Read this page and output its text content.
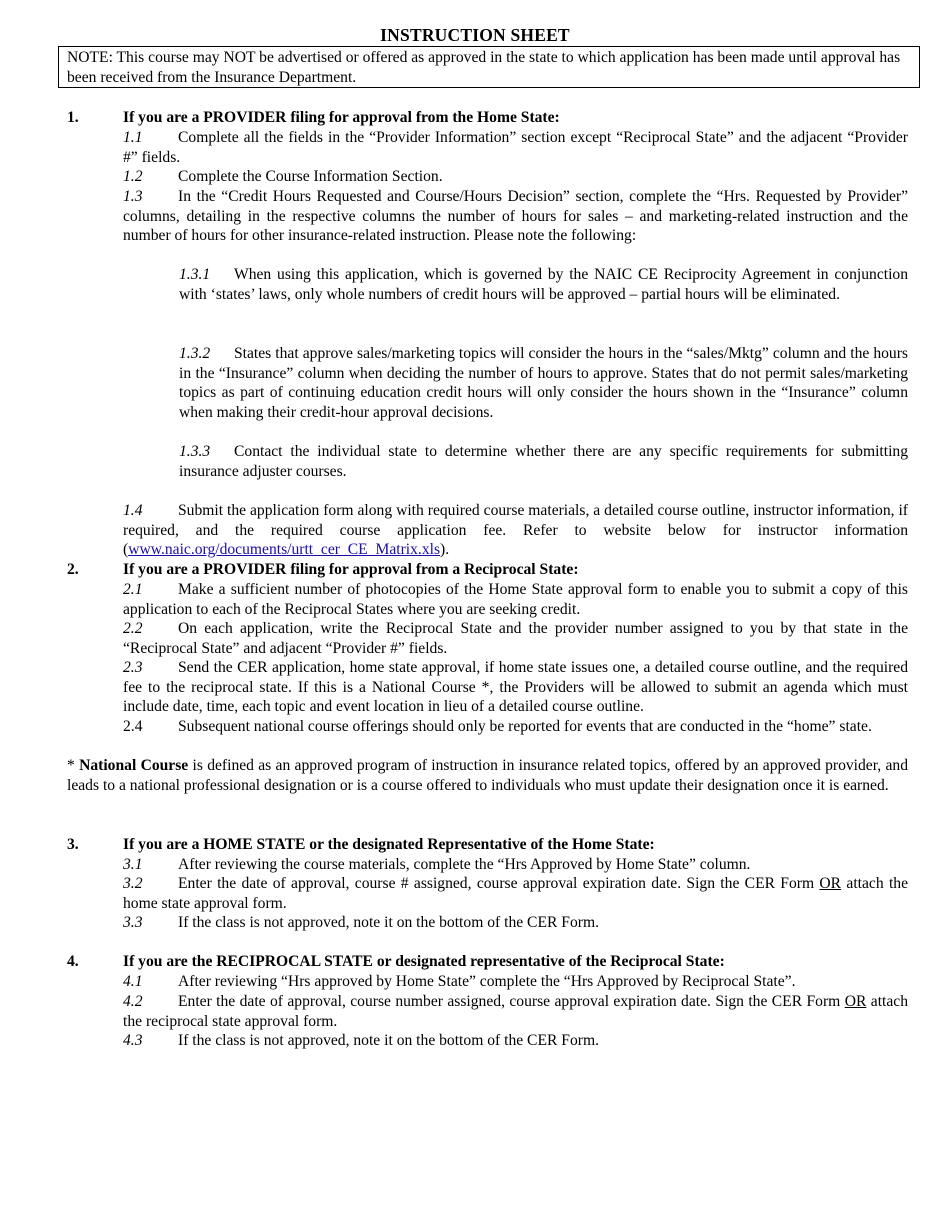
INSTRUCTION SHEET
NOTE: This course may NOT be advertised or offered as approved in the state to which application has been made until approval has been received from the Insurance Department.
1.	If you are a PROVIDER filing for approval from the Home State:
1.1 Complete all the fields in the “Provider Information” section except “Reciprocal State” and the adjacent “Provider #” fields.
1.2 Complete the Course Information Section.
1.3 In the “Credit Hours Requested and Course/Hours Decision” section, complete the “Hrs. Requested by Provider” columns, detailing in the respective columns the number of hours for sales – and marketing-related instruction and the number of hours for other insurance-related instruction. Please note the following:
1.3.1 When using this application, which is governed by the NAIC CE Reciprocity Agreement in conjunction with ‘states’ laws, only whole numbers of credit hours will be approved – partial hours will be eliminated.
1.3.2 States that approve sales/marketing topics will consider the hours in the “sales/Mktg” column and the hours in the “Insurance” column when deciding the number of hours to approve. States that do not permit sales/marketing topics as part of continuing education credit hours will only consider the hours shown in the “Insurance” column when making their credit-hour approval decisions.
1.3.3 Contact the individual state to determine whether there are any specific requirements for submitting insurance adjuster courses.
1.4 Submit the application form along with required course materials, a detailed course outline, instructor information, if required, and the required course application fee. Refer to website below for instructor information (www.naic.org/documents/urtt_cer_CE_Matrix.xls).
2.	If you are a PROVIDER filing for approval from a Reciprocal State:
2.1 Make a sufficient number of photocopies of the Home State approval form to enable you to submit a copy of this application to each of the Reciprocal States where you are seeking credit.
2.2 On each application, write the Reciprocal State and the provider number assigned to you by that state in the “Reciprocal State” and adjacent “Provider #” fields.
2.3 Send the CER application, home state approval, if home state issues one, a detailed course outline, and the required fee to the reciprocal state. If this is a National Course *, the Providers will be allowed to submit an agenda which must include date, time, each topic and event location in lieu of a detailed course outline.
2.4 Subsequent national course offerings should only be reported for events that are conducted in the “home” state.
* National Course is defined as an approved program of instruction in insurance related topics, offered by an approved provider, and leads to a national professional designation or is a course offered to individuals who must update their designation once it is earned.
3.	If you are a HOME STATE or the designated Representative of the Home State:
3.1 After reviewing the course materials, complete the “Hrs Approved by Home State” column.
3.2 Enter the date of approval, course # assigned, course approval expiration date. Sign the CER Form OR attach the home state approval form.
3.3 If the class is not approved, note it on the bottom of the CER Form.
4.	If you are the RECIPROCAL STATE or designated representative of the Reciprocal State:
4.1 After reviewing “Hrs approved by Home State” complete the “Hrs Approved by Reciprocal State”.
4.2 Enter the date of approval, course number assigned, course approval expiration date. Sign the CER Form OR attach the reciprocal state approval form.
4.3 If the class is not approved, note it on the bottom of the CER Form.
